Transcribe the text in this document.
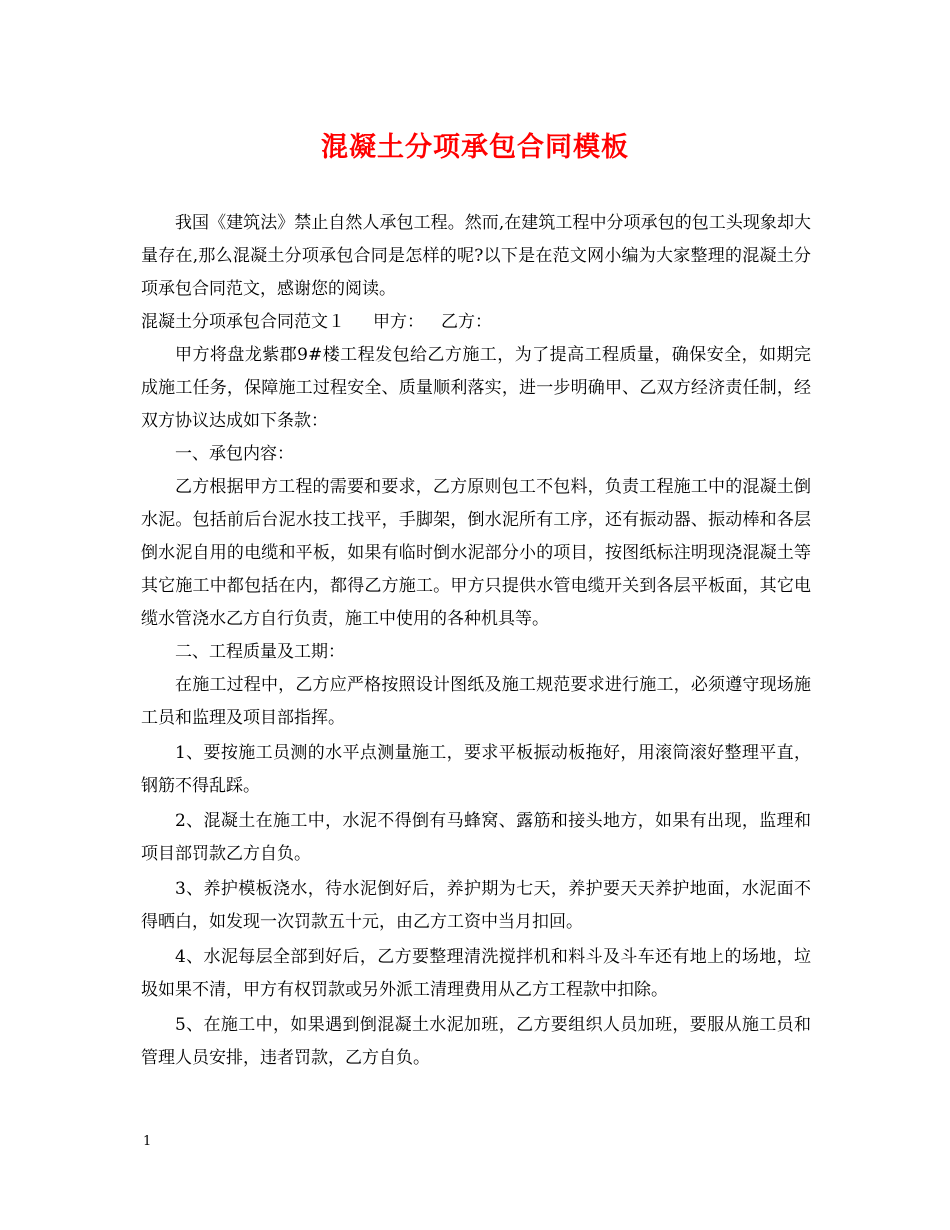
混凝土分项承包合同模板

我国《建筑法》禁止自然人承包工程。然而,在建筑工程中分项承包的包工头现象却大量存在,那么混凝土分项承包合同是怎样的呢?以下是在范文网小编为大家整理的混凝土分项承包合同范文，感谢您的阅读。

混凝土分项承包合同范文１ 甲方： 乙方：

甲方将盘龙紫郡9#楼工程发包给乙方施工，为了提高工程质量，确保安全，如期完成施工任务，保障施工过程安全、质量顺利落实，进一步明确甲、乙双方经济责任制，经双方协议达成如下条款：

一、承包内容：

乙方根据甲方工程的需要和要求，乙方原则包工不包料，负责工程施工中的混凝土倒水泥。包括前后台泥水技工找平，手脚架，倒水泥所有工序，还有振动器、振动棒和各层倒水泥自用的电缆和平板，如果有临时倒水泥部分小的项目，按图纸标注明现浇混凝土等其它施工中都包括在内，都得乙方施工。甲方只提供水管电缆开关到各层平板面，其它电缆水管浇水乙方自行负责，施工中使用的各种机具等。

二、工程质量及工期：

在施工过程中，乙方应严格按照设计图纸及施工规范要求进行施工，必须遵守现场施工员和监理及项目部指挥。

1、要按施工员测的水平点测量施工，要求平板振动板拖好，用滚筒滚好整理平直，钢筋不得乱踩。

2、混凝土在施工中，水泥不得倒有马蜂窝、露筋和接头地方，如果有出现，监理和项目部罚款乙方自负。

3、养护模板浇水，待水泥倒好后，养护期为七天，养护要天天养护地面，水泥面不得晒白，如发现一次罚款五十元，由乙方工资中当月扣回。

4、水泥每层全部到好后，乙方要整理清洗搅拌机和料斗及斗车还有地上的场地，垃圾如果不清，甲方有权罚款或另外派工清理费用从乙方工程款中扣除。

5、在施工中，如果遇到倒混凝土水泥加班，乙方要组织人员加班，要服从施工员和管理人员安排，违者罚款，乙方自负。

1
